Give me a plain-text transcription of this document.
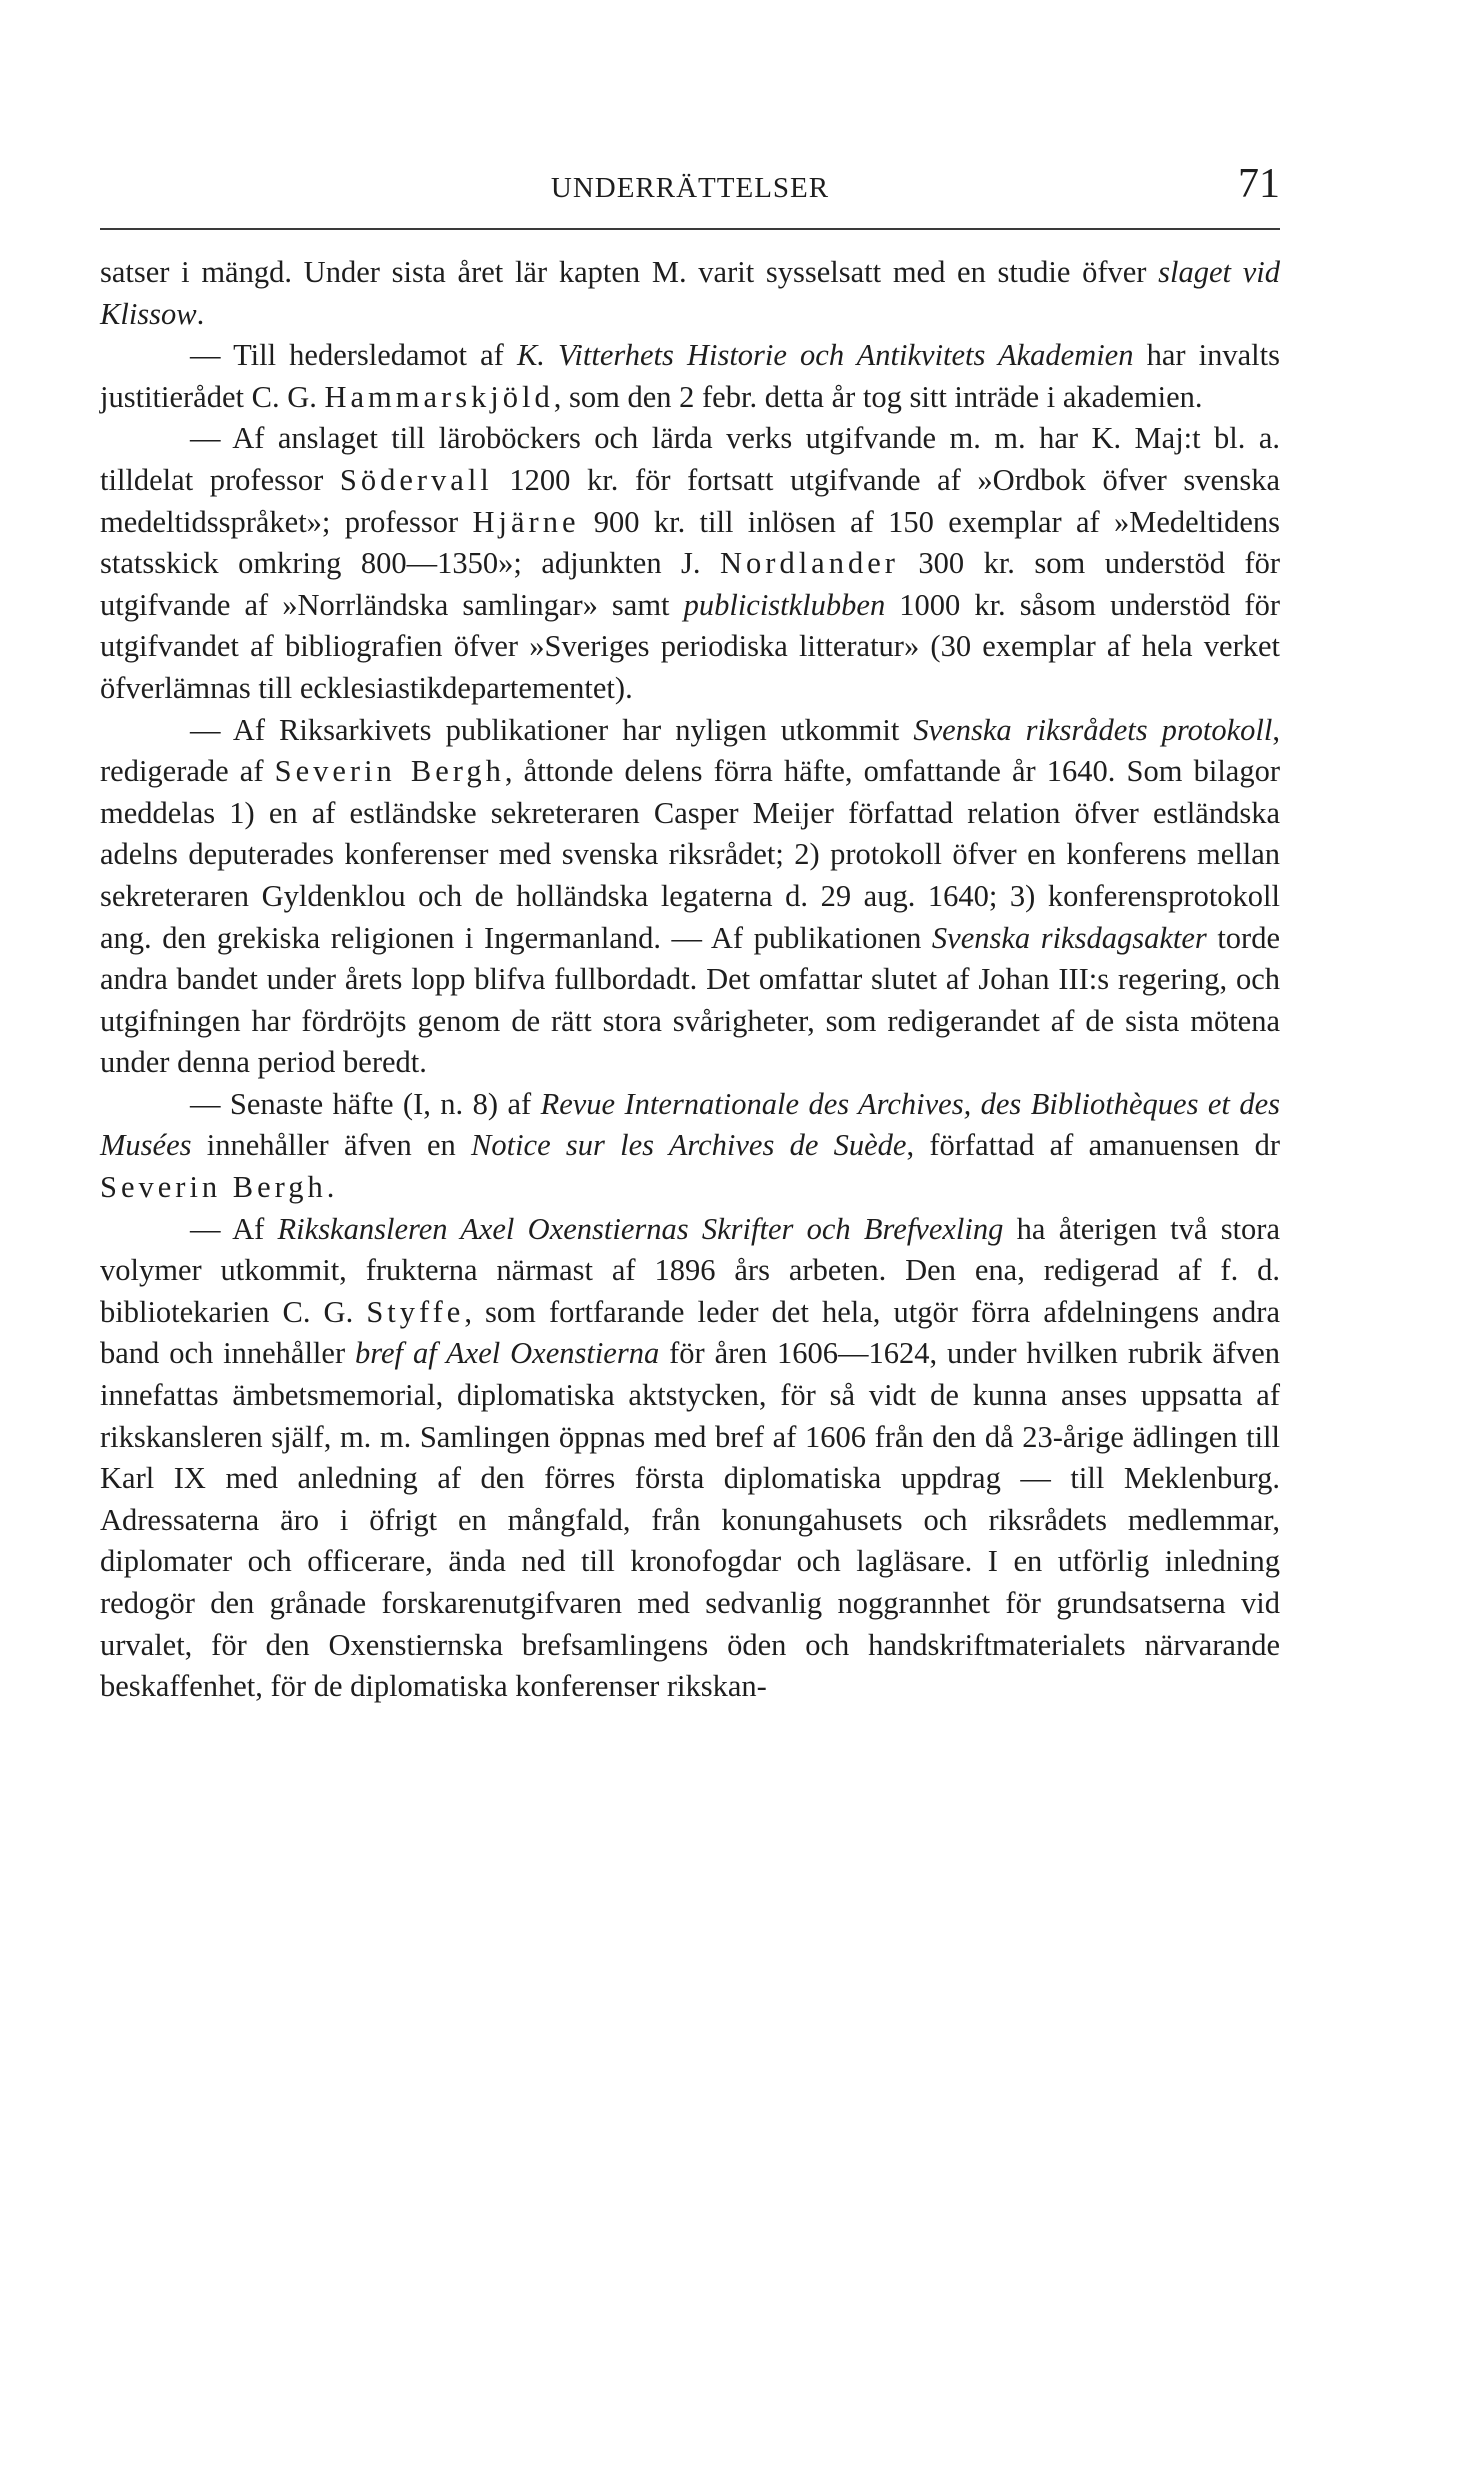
UNDERRÄTTELSER	71

satser i mängd. Under sista året lär kapten M. varit sysselsatt med en studie öfver slaget vid Klissow.

— Till hedersledamot af K. Vitterhets Historie och Antikvitets Akademien har invalts justitierådet C. G. Hammarskjöld, som den 2 febr. detta år tog sitt inträde i akademien.

— Af anslaget till läroböckers och lärda verks utgifvande m. m. har K. Maj:t bl. a. tilldelat professor Södervall 1200 kr. för fortsatt utgifvande af »Ordbok öfver svenska medeltidsspråket»; professor Hjärne 900 kr. till inlösen af 150 exemplar af »Medeltidens statsskick omkring 800—1350»; adjunkten J. Nordlander 300 kr. som understöd för utgifvande af »Norrländska samlingar» samt publicistklubben 1000 kr. såsom understöd för utgifvandet af bibliografien öfver »Sveriges periodiska litteratur» (30 exemplar af hela verket öfverlämnas till ecklesiastikdepartementet).

— Af Riksarkivets publikationer har nyligen utkommit Svenska riksrådets protokoll, redigerade af Severin Bergh, åttonde delens förra häfte, omfattande år 1640. Som bilagor meddelas 1) en af estländske sekreteraren Casper Meijer författad relation öfver estländska adelns deputerades konferenser med svenska riksrådet; 2) protokoll öfver en konferens mellan sekreteraren Gyldenklou och de holländska legaterna d. 29 aug. 1640; 3) konferensprotokoll ang. den grekiska religionen i Ingermanland. — Af publikationen Svenska riksdagsakter torde andra bandet under årets lopp blifva fullbordadt. Det omfattar slutet af Johan III:s regering, och utgifningen har fördröjts genom de rätt stora svårigheter, som redigerandet af de sista mötena under denna period beredt.

— Senaste häfte (I, n. 8) af Revue Internationale des Archives, des Bibliothèques et des Musées innehåller äfven en Notice sur les Archives de Suède, författad af amanuensen dr Severin Bergh.

— Af Rikskansleren Axel Oxenstiernas Skrifter och Brefvexling ha återigen två stora volymer utkommit, frukterna närmast af 1896 års arbeten. Den ena, redigerad af f. d. bibliotekarien C. G. Styffe, som fortfarande leder det hela, utgör förra afdelningens andra band och innehåller bref af Axel Oxenstierna för åren 1606—1624, under hvilken rubrik äfven innefattas ämbetsmemorial, diplomatiska aktstycken, för så vidt de kunna anses uppsatta af rikskansleren själf, m. m. Samlingen öppnas med bref af 1606 från den då 23-årige ädlingen till Karl IX med anledning af den förres första diplomatiska uppdrag — till Meklenburg. Adressaterna äro i öfrigt en mångfald, från konungahusets och riksrådets medlemmar, diplomater och officerare, ända ned till kronofogdar och lagläsare. I en utförlig inledning redogör den grånade forskarenutgifvaren med sedvanlig noggrannhet för grundsatserna vid urvalet, för den Oxenstiernska brefsamlingens öden och handskriftmaterialets närvarande beskaffenhet, för de diplomatiska konferenser rikskan-
